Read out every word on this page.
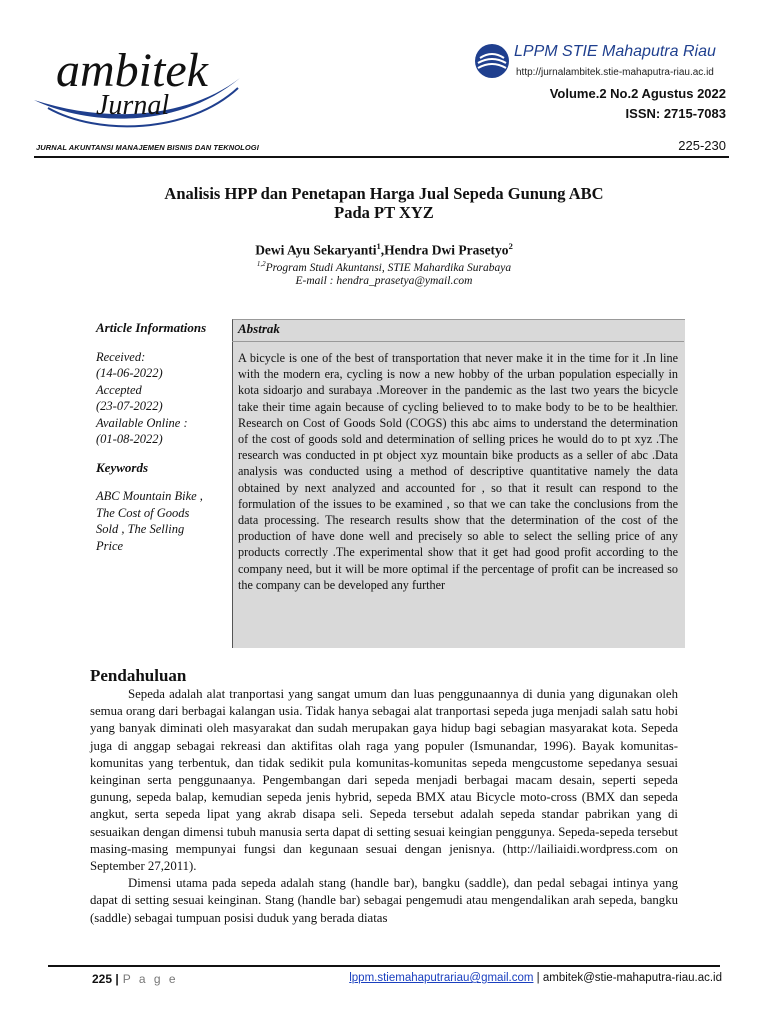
ambitek
Jurnal
JURNAL AKUNTANSI MANAJEMEN BISNIS DAN TEKNOLOGI
LPPM STIE Mahaputra Riau
http://jurnalambitek.stie-mahaputra-riau.ac.id
Volume.2 No.2 Agustus 2022
ISSN: 2715-7083
225-230
Analisis HPP dan Penetapan Harga Jual Sepeda Gunung ABC
Pada PT XYZ
Dewi Ayu Sekaryanti$^1$,Hendra Dwi Prasetyo$^2$
$^{1,2}$Program Studi Akuntansi, STIE Mahardika Surabaya
E-mail : hendra_prasetya@ymail.com
Article Informations
Received:
(14-06-2022)
Accepted
(23-07-2022)
Available Online :
(01-08-2022)
Keywords
ABC Mountain Bike ,
The Cost of Goods
Sold , The Selling
Price
Abstrak
A bicycle is one of the best of transportation that never make it in the time for it .In line with the modern era, cycling is now a new hobby of the urban population especially in kota sidoarjo and surabaya .Moreover in the pandemic as the last two years the bicycle take their time again because of cycling believed to to make body to be to be healthier. Research on Cost of Goods Sold (COGS) this abc aims to understand the determination of the cost of goods sold and determination of selling prices he would do to pt xyz .The research was conducted in pt object xyz mountain bike products as a seller of abc .Data analysis was conducted using a method of descriptive quantitative namely the data obtained by next analyzed and accounted for , so that it result can respond to the formulation of the issues to be examined , so that we can take the conclusions from the data processing. The research results show that the determination of the cost of the production of have done well and precisely so able to select the selling price of any products correctly .The experimental show that it get had good profit according to the company need, but it will be more optimal if the percentage of profit can be increased so the company can be developed any further
Pendahuluan

Sepeda adalah alat tranportasi yang sangat umum dan luas penggunaannya di dunia yang digunakan oleh semua orang dari berbagai kalangan usia. Tidak hanya sebagai alat tranportasi sepeda juga menjadi salah satu hobi yang banyak diminati oleh masyarakat dan sudah merupakan gaya hidup bagi sebagian masyarakat kota. Sepeda juga di anggap sebagai rekreasi dan aktifitas olah raga yang populer (Ismunandar, 1996). Bayak komunitas-komunitas yang terbentuk, dan tidak sedikit pula komunitas-komunitas sepeda mengcustome sepedanya sesuai keinginan serta penggunaanya. Pengembangan dari sepeda menjadi berbagai macam desain, seperti sepeda gunung, sepeda balap, kemudian sepeda jenis hybrid, sepeda BMX atau Bicycle moto-cross (BMX dan sepeda angkut, serta sepeda lipat yang akrab disapa seli. Sepeda tersebut adalah sepeda standar pabrikan yang di sesuaikan dengan dimensi tubuh manusia serta dapat di setting sesuai keingian penggunya. Sepeda-sepeda tersebut masing-masing mempunyai fungsi dan kegunaan sesuai dengan jenisnya. (http://lailiaidi.wordpress.com on September 27,2011).

Dimensi utama pada sepeda adalah stang (handle bar), bangku (saddle), dan pedal sebagai intinya yang dapat di setting sesuai keinginan. Stang (handle bar) sebagai pengemudi atau mengendalikan arah sepeda, bangku (saddle) sebagai tumpuan posisi duduk yang berada diatas

225 | P a g e	lppm.stiemahaputrariau@gmail.com | ambitek@stie-mahaputra-riau.ac.id
